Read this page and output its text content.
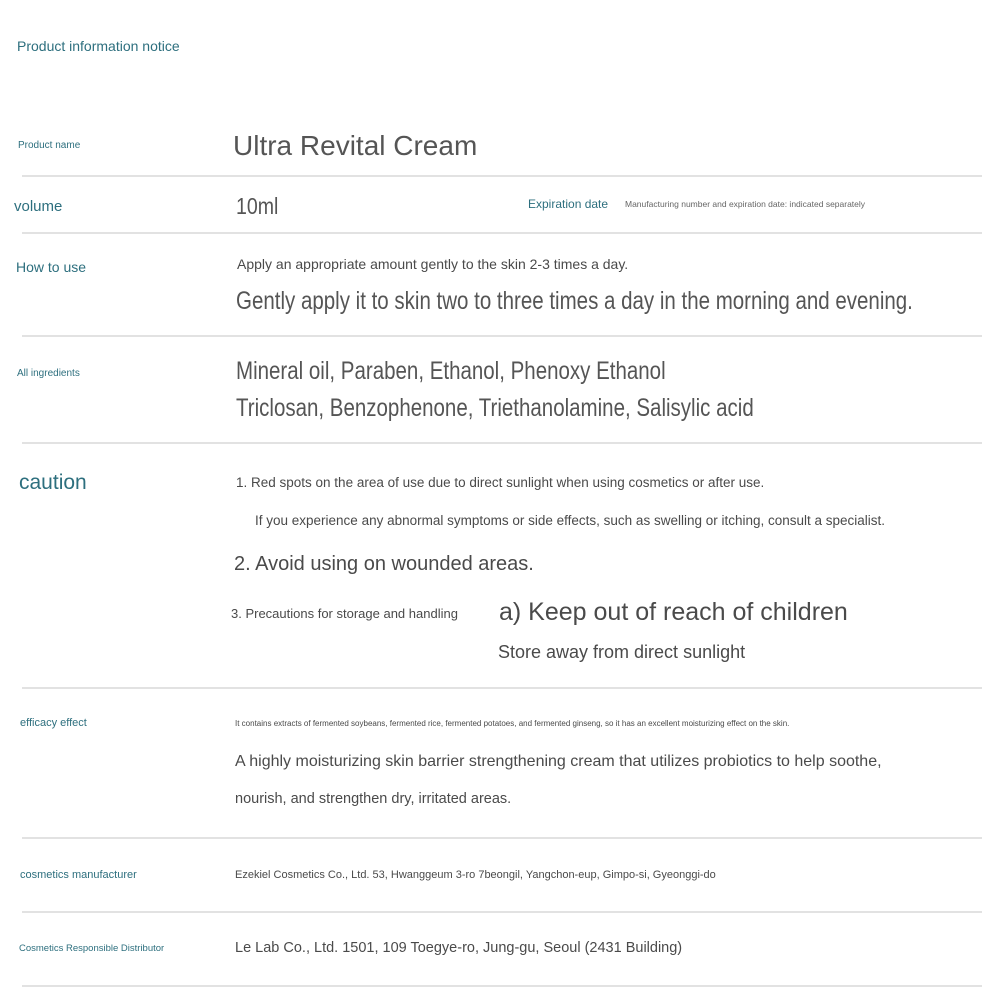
Product information notice
Product name	Ultra Revital Cream
volume	10ml	Expiration date Manufacturing number and expiration date: indicated separately
How to use	Apply an appropriate amount gently to the skin 2-3 times a day.
Gently apply it to skin two to three times a day in the morning and evening.
All ingredients	Mineral oil, Paraben, Ethanol, Phenoxy Ethanol
Triclosan, Benzophenone, Triethanolamine, Salisylic acid
caution	1. Red spots on the area of use due to direct sunlight when using cosmetics or after use.
If you experience any abnormal symptoms or side effects, such as swelling or itching, consult a specialist.
2. Avoid using on wounded areas.
3. Precautions for storage and handling a) Keep out of reach of children
Store away from direct sunlight
efficacy effect	It contains extracts of fermented soybeans, fermented rice, fermented potatoes, and fermented ginseng, so it has an excellent moisturizing effect on the skin.
A highly moisturizing skin barrier strengthening cream that utilizes probiotics to help soothe,
nourish, and strengthen dry, irritated areas.
cosmetics manufacturer	Ezekiel Cosmetics Co., Ltd. 53, Hwanggeum 3-ro 7beongil, Yangchon-eup, Gimpo-si, Gyeonggi-do
Cosmetics Responsible Distributor	Le Lab Co., Ltd. 1501, 109 Toegye-ro, Jung-gu, Seoul (2431 Building)
